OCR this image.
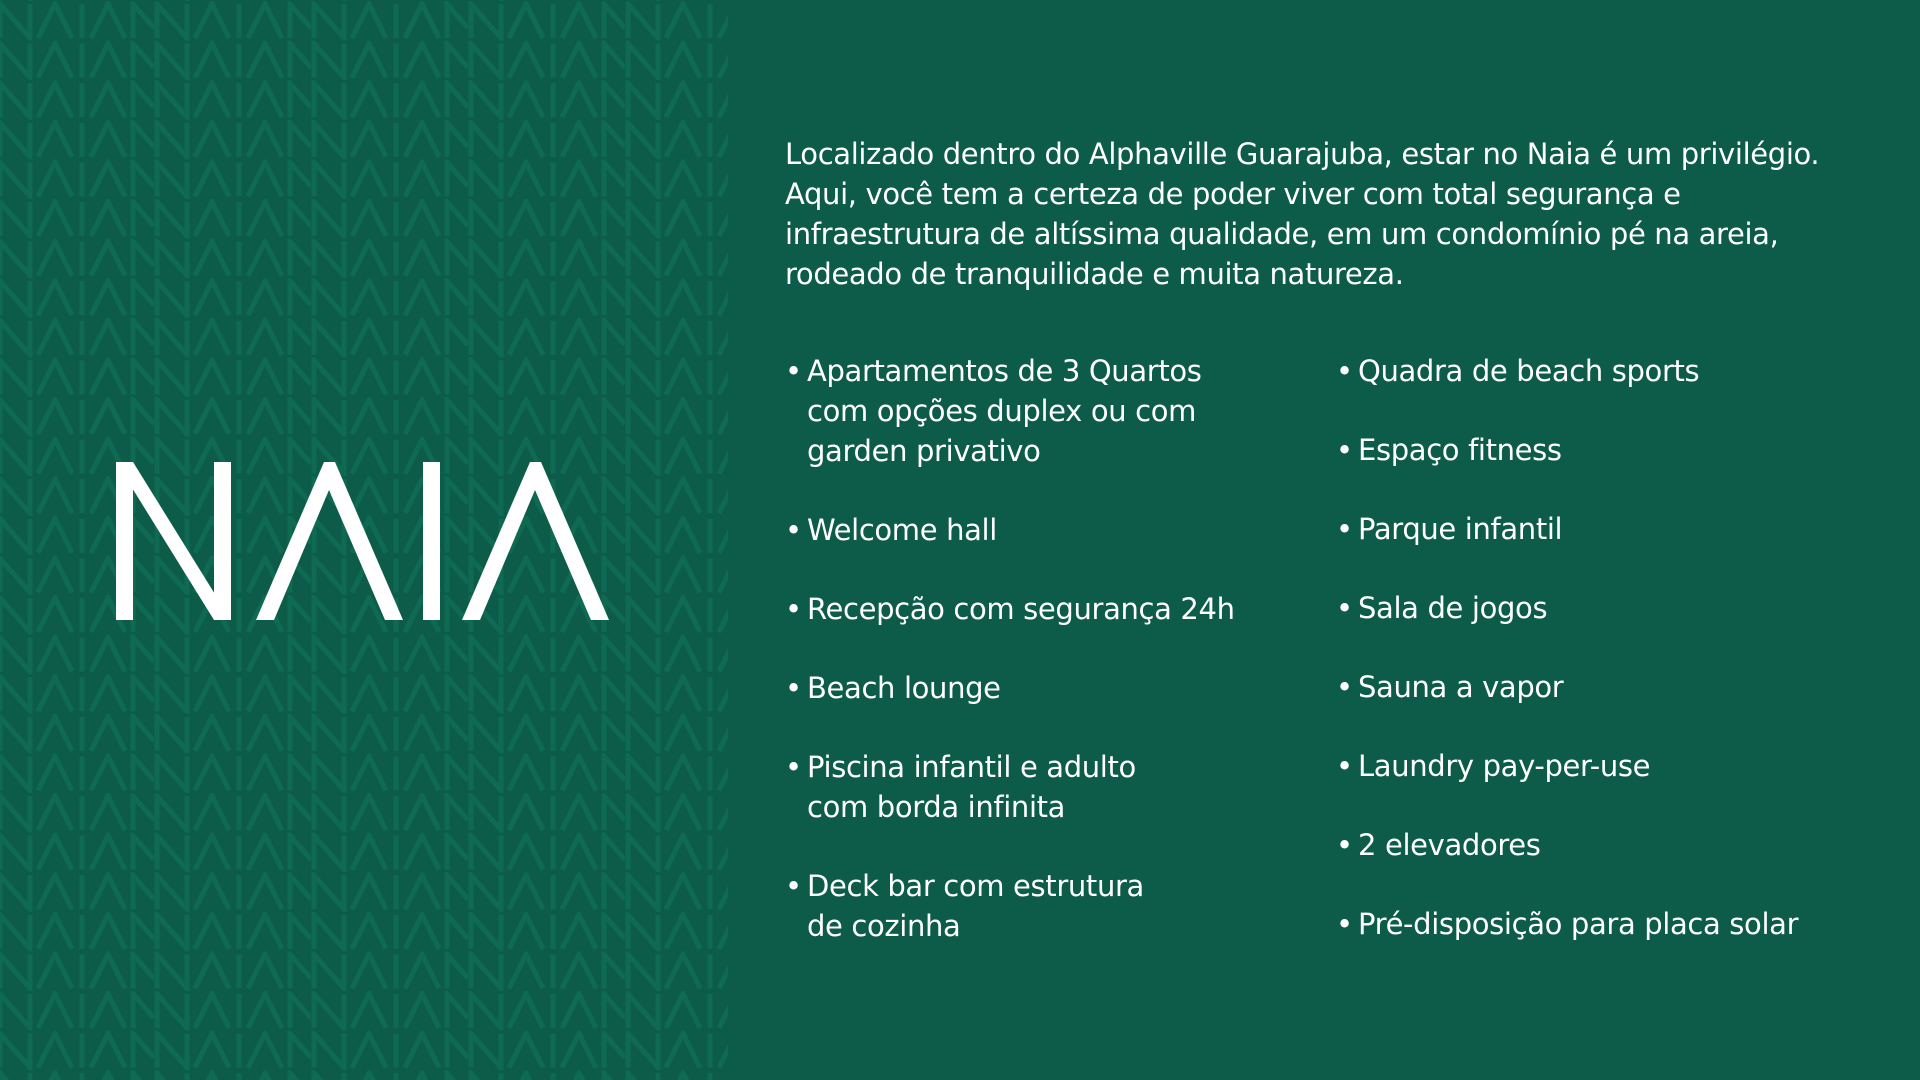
Localizado dentro do Alphaville Guarajuba, estar no Naia é um privilégio.
Aqui, você tem a certeza de poder viver com total segurança e
infraestrutura de altíssima qualidade, em um condomínio pé na areia,
rodeado de tranquilidade e muita natureza.

• Apartamentos de 3 Quartos
com opções duplex ou com
garden privativo
• Welcome hall
• Recepção com segurança 24h
• Beach lounge
• Piscina infantil e adulto
com borda infinita
• Deck bar com estrutura
de cozinha
• Quadra de beach sports
• Espaço fitness
• Parque infantil
• Sala de jogos
• Sauna a vapor
• Laundry pay-per-use
• 2 elevadores
• Pré-disposição para placa solar
